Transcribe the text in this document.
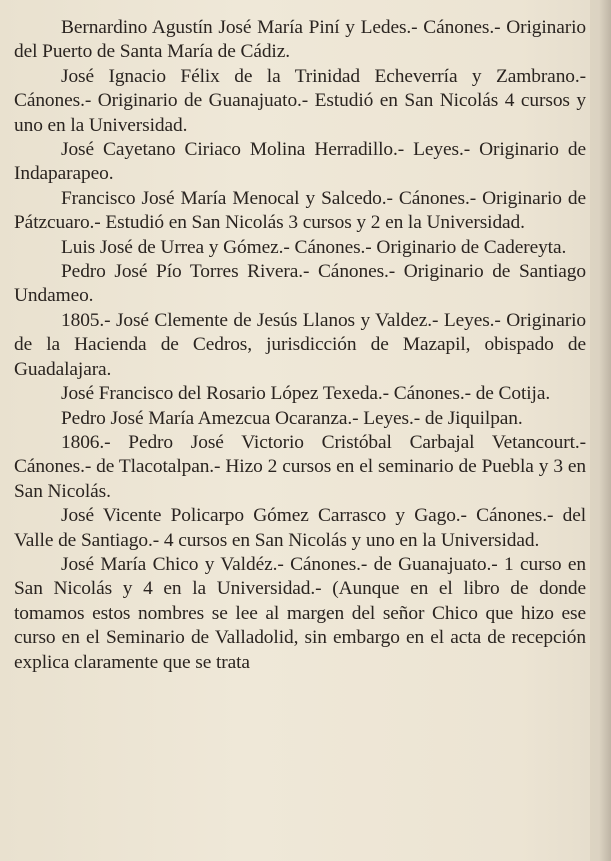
Bernardino Agustín José María Piní y Ledes.- Cánones.- Originario del Puerto de Santa María de Cádiz.

José Ignacio Félix de la Trinidad Echeverría y Zambrano.- Cánones.- Originario de Guanajuato.- Estudió en San Nicolás 4 cursos y uno en la Universidad.

José Cayetano Ciriaco Molina Herradillo.- Leyes.- Originario de Indaparapeo.

Francisco José María Menocal y Salcedo.- Cánones.- Originario de Pátzcuaro.- Estudió en San Nicolás 3 cursos y 2 en la Universidad.

Luis José de Urrea y Gómez.- Cánones.- Originario de Cadereyta.

Pedro José Pío Torres Rivera.- Cánones.- Originario de Santiago Undameo.

1805.- José Clemente de Jesús Llanos y Valdez.- Leyes.- Originario de la Hacienda de Cedros, jurisdicción de Mazapil, obispado de Guadalajara.

José Francisco del Rosario López Texeda.- Cánones.- de Cotija.

Pedro José María Amezcua Ocaranza.- Leyes.- de Jiquilpan.

1806.- Pedro José Victorio Cristóbal Carbajal Vetancourt.- Cánones.- de Tlacotalpan.- Hizo 2 cursos en el seminario de Puebla y 3 en San Nicolás.

José Vicente Policarpo Gómez Carrasco y Gago.- Cánones.- del Valle de Santiago.- 4 cursos en San Nicolás y uno en la Universidad.

José María Chico y Valdéz.- Cánones.- de Guanajuato.- 1 curso en San Nicolás y 4 en la Universidad.- (Aunque en el libro de donde tomamos estos nombres se lee al margen del señor Chico que hizo ese curso en el Seminario de Valladolid, sin embargo en el acta de recepción explica claramente que se trata
